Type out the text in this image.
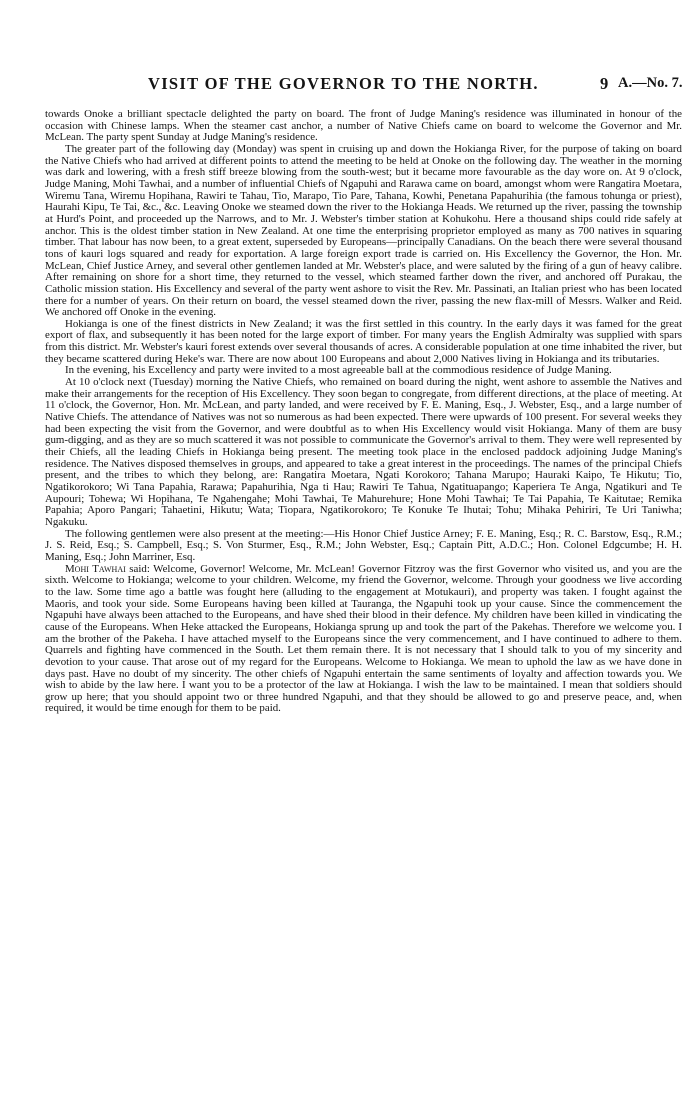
VISIT OF THE GOVERNOR TO THE NORTH.	9 A.—No. 7.

towards Onoke a brilliant spectacle delighted the party on board. The front of Judge Maning's residence was illuminated in honour of the occasion with Chinese lamps. When the steamer cast anchor, a number of Native Chiefs came on board to welcome the Governor and Mr. McLean. The party spent Sunday at Judge Maning's residence.

The greater part of the following day (Monday) was spent in cruising up and down the Hokianga River, for the purpose of taking on board the Native Chiefs who had arrived at different points to attend the meeting to be held at Onoke on the following day. The weather in the morning was dark and lowering, with a fresh stiff breeze blowing from the south-west; but it became more favourable as the day wore on. At 9 o'clock, Judge Maning, Mohi Tawhai, and a number of influential Chiefs of Ngapuhi and Rarawa came on board, amongst whom were Rangatira Moetara, Wiremu Tana, Wiremu Hopihana, Rawiri te Tahau, Tio, Marapo, Tio Pare, Tahana, Kowhi, Penetana Papahurihia (the famous tohunga or priest), Haurahi Kipu, Te Tai, &c., &c. Leaving Onoke we steamed down the river to the Hokianga Heads. We returned up the river, passing the township at Hurd's Point, and proceeded up the Narrows, and to Mr. J. Webster's timber station at Kohukohu. Here a thousand ships could ride safely at anchor. This is the oldest timber station in New Zealand. At one time the enterprising proprietor employed as many as 700 natives in squaring timber. That labour has now been, to a great extent, superseded by Europeans—principally Canadians. On the beach there were several thousand tons of kauri logs squared and ready for exportation. A large foreign export trade is carried on. His Excellency the Governor, the Hon. Mr. McLean, Chief Justice Arney, and several other gentlemen landed at Mr. Webster's place, and were saluted by the firing of a gun of heavy calibre. After remaining on shore for a short time, they returned to the vessel, which steamed farther down the river, and anchored off Purakau, the Catholic mission station. His Excellency and several of the party went ashore to visit the Rev. Mr. Passinati, an Italian priest who has been located there for a number of years. On their return on board, the vessel steamed down the river, passing the new flax-mill of Messrs. Walker and Reid. We anchored off Onoke in the evening.

Hokianga is one of the finest districts in New Zealand; it was the first settled in this country. In the early days it was famed for the great export of flax, and subsequently it has been noted for the large export of timber. For many years the English Admiralty was supplied with spars from this district. Mr. Webster's kauri forest extends over several thousands of acres. A considerable population at one time inhabited the river, but they became scattered during Heke's war. There are now about 100 Europeans and about 2,000 Natives living in Hokianga and its tributaries.

In the evening, his Excellency and party were invited to a most agreeable ball at the commodious residence of Judge Maning.

At 10 o'clock next (Tuesday) morning the Native Chiefs, who remained on board during the night, went ashore to assemble the Natives and make their arrangements for the reception of His Excellency. They soon began to congregate, from different directions, at the place of meeting. At 11 o'clock, the Governor, Hon. Mr. McLean, and party landed, and were received by F. E. Maning, Esq., J. Webster, Esq., and a large number of Native Chiefs. The attendance of Natives was not so numerous as had been expected. There were upwards of 100 present. For several weeks they had been expecting the visit from the Governor, and were doubtful as to when His Excellency would visit Hokianga. Many of them are busy gum-digging, and as they are so much scattered it was not possible to communicate the Governor's arrival to them. They were well represented by their Chiefs, all the leading Chiefs in Hokianga being present. The meeting took place in the enclosed paddock adjoining Judge Maning's residence. The Natives disposed themselves in groups, and appeared to take a great interest in the proceedings. The names of the principal Chiefs present, and the tribes to which they belong, are: Rangatira Moetara, Ngati Korokoro; Tahana Marupo; Hauraki Kaipo, Te Hikutu; Tio, Ngatikorokoro; Wi Tana Papahia, Rarawa; Papahurihia, Nga ti Hau; Rawiri Te Tahua, Ngatituapango; Kaperiera Te Anga, Ngatikuri and Te Aupouri; Tohewa; Wi Hopihana, Te Ngahengahe; Mohi Tawhai, Te Mahurehure; Hone Mohi Tawhai; Te Tai Papahia, Te Kaitutae; Remika Papahia; Aporo Pangari; Tahaetini, Hikutu; Wata; Tiopara, Ngatikorokoro; Te Konuke Te Ihutai; Tohu; Mihaka Pehiriri, Te Uri Taniwha; Ngakuku.

The following gentlemen were also present at the meeting:—His Honor Chief Justice Arney; F. E. Maning, Esq.; R. C. Barstow, Esq., R.M.; J. S. Reid, Esq.; S. Campbell, Esq.; S. Von Sturmer, Esq., R.M.; John Webster, Esq.; Captain Pitt, A.D.C.; Hon. Colonel Edgcumbe; H. H. Maning, Esq.; John Marriner, Esq.

Mohi Tawhai said: Welcome, Governor! Welcome, Mr. McLean! Governor Fitzroy was the first Governor who visited us, and you are the sixth. Welcome to Hokianga; welcome to your children. Welcome, my friend the Governor, welcome. Through your goodness we live according to the law. Some time ago a battle was fought here (alluding to the engagement at Motukauri), and property was taken. I fought against the Maoris, and took your side. Some Europeans having been killed at Tauranga, the Ngapuhi took up your cause. Since the commencement the Ngapuhi have always been attached to the Europeans, and have shed their blood in their defence. My children have been killed in vindicating the cause of the Europeans. When Heke attacked the Europeans, Hokianga sprung up and took the part of the Pakehas. Therefore we welcome you. I am the brother of the Pakeha. I have attached myself to the Europeans since the very commencement, and I have continued to adhere to them. Quarrels and fighting have commenced in the South. Let them remain there. It is not necessary that I should talk to you of my sincerity and devotion to your cause. That arose out of my regard for the Europeans. Welcome to Hokianga. We mean to uphold the law as we have done in days past. Have no doubt of my sincerity. The other chiefs of Ngapuhi entertain the same sentiments of loyalty and affection towards you. We wish to abide by the law here. I want you to be a protector of the law at Hokianga. I wish the law to be maintained. I mean that soldiers should grow up here; that you should appoint two or three hundred Ngapuhi, and that they should be allowed to go and preserve peace, and, when required, it would be time enough for them to be paid.
